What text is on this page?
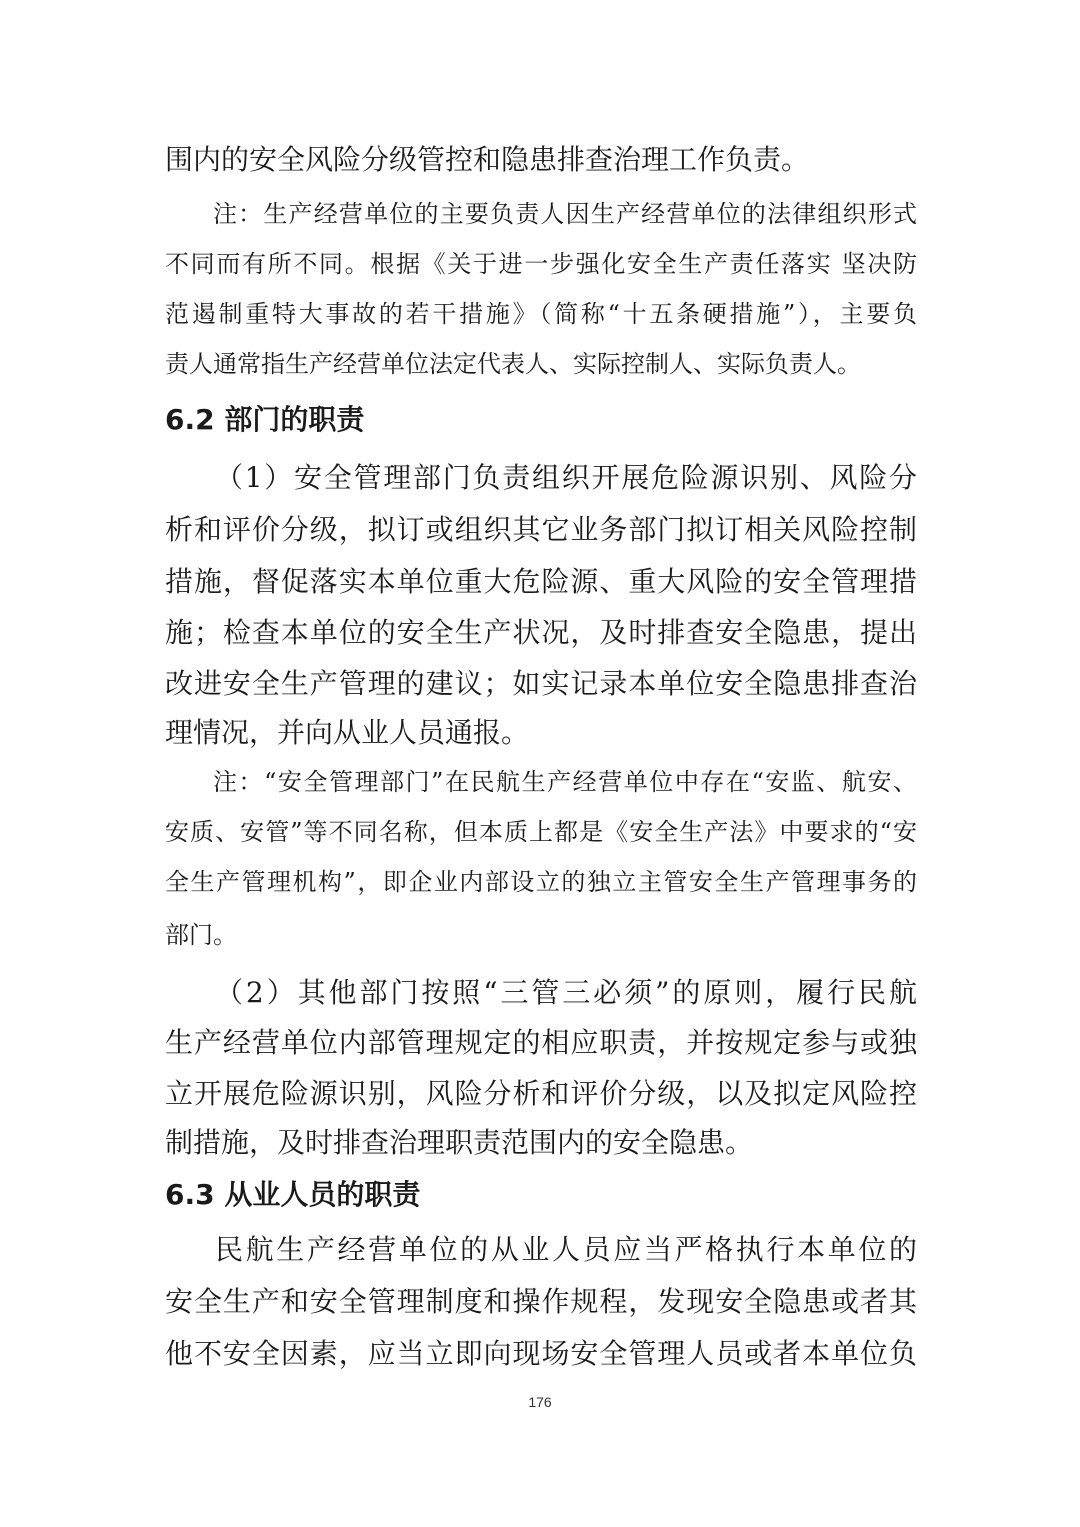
围内的安全风险分级管控和隐患排查治理工作负责。
注：生产经营单位的主要负责人因生产经营单位的法律组织形式
不同而有所不同。根据《关于进一步强化安全生产责任落实 坚决防
范遏制重特大事故的若干措施》（简称“十五条硬措施”），主要负
责人通常指生产经营单位法定代表人、实际控制人、实际负责人。
6.2 部门的职责
（1）安全管理部门负责组织开展危险源识别、风险分
析和评价分级，拟订或组织其它业务部门拟订相关风险控制
措施，督促落实本单位重大危险源、重大风险的安全管理措
施；检查本单位的安全生产状况，及时排查安全隐患，提出
改进安全生产管理的建议；如实记录本单位安全隐患排查治
理情况，并向从业人员通报。
注：“安全管理部门”在民航生产经营单位中存在“安监、航安、
安质、安管”等不同名称，但本质上都是《安全生产法》中要求的“安
全生产管理机构”，即企业内部设立的独立主管安全生产管理事务的
部门。
（2）其他部门按照“三管三必须”的原则，履行民航
生产经营单位内部管理规定的相应职责，并按规定参与或独
立开展危险源识别，风险分析和评价分级，以及拟定风险控
制措施，及时排查治理职责范围内的安全隐患。
6.3 从业人员的职责
民航生产经营单位的从业人员应当严格执行本单位的
安全生产和安全管理制度和操作规程，发现安全隐患或者其
他不安全因素，应当立即向现场安全管理人员或者本单位负
176
